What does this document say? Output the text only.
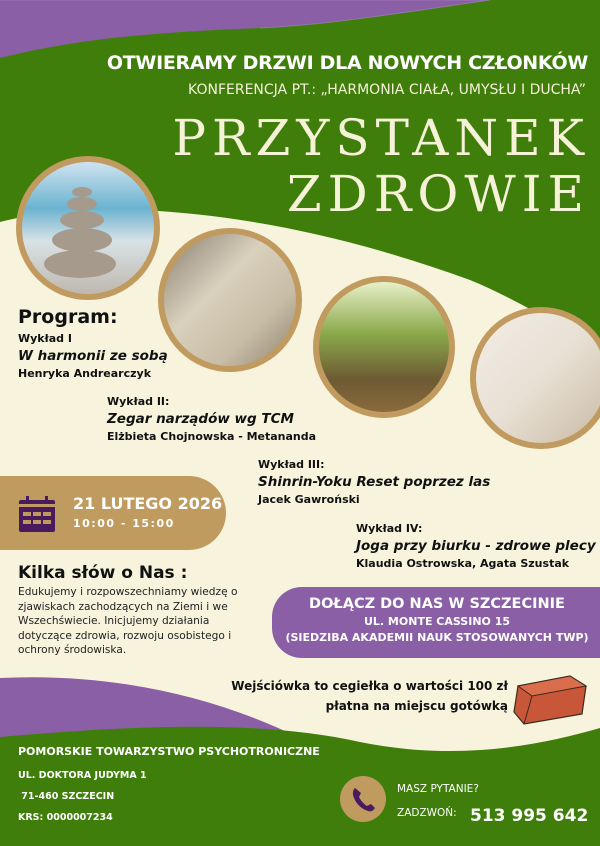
OTWIERAMY DRZWI DLA NOWYCH CZŁONKÓW
KONFERENCJA PT.: „HARMONIA CIAŁA, UMYSŁU I DUCHA”
PRZYSTANEK
ZDROWIE
Program:
Wykład I
W harmonii ze sobą
Henryka Andrearczyk
Wykład II:
Zegar narządów wg TCM
Elżbieta Chojnowska - Metananda
Wykład III:
Shinrin-Yoku Reset poprzez las
Jacek Gawroński
Wykład IV:
Joga przy biurku - zdrowe plecy
Klaudia Ostrowska, Agata Szustak
21 LUTEGO 2026
10:00 - 15:00
Kilka słów o Nas :
Edukujemy i rozpowszechniamy wiedzę o zjawiskach zachodzących na Ziemi i we Wszechświecie. Inicjujemy działania dotyczące zdrowia, rozwoju osobistego i ochrony środowiska.
DOŁĄCZ DO NAS W SZCZECINIE
UL. MONTE CASSINO 15
(SIEDZIBA AKADEMII NAUK STOSOWANYCH TWP)
Wejściówka to cegiełka o wartości 100 zł
płatna na miejscu gotówką
POMORSKIE TOWARZYSTWO PSYCHOTRONICZNE
UL. DOKTORA JUDYMA 1
71-460 SZCZECIN
KRS: 0000007234
MASZ PYTANIE?
ZADZWOŃ: 513 995 642
